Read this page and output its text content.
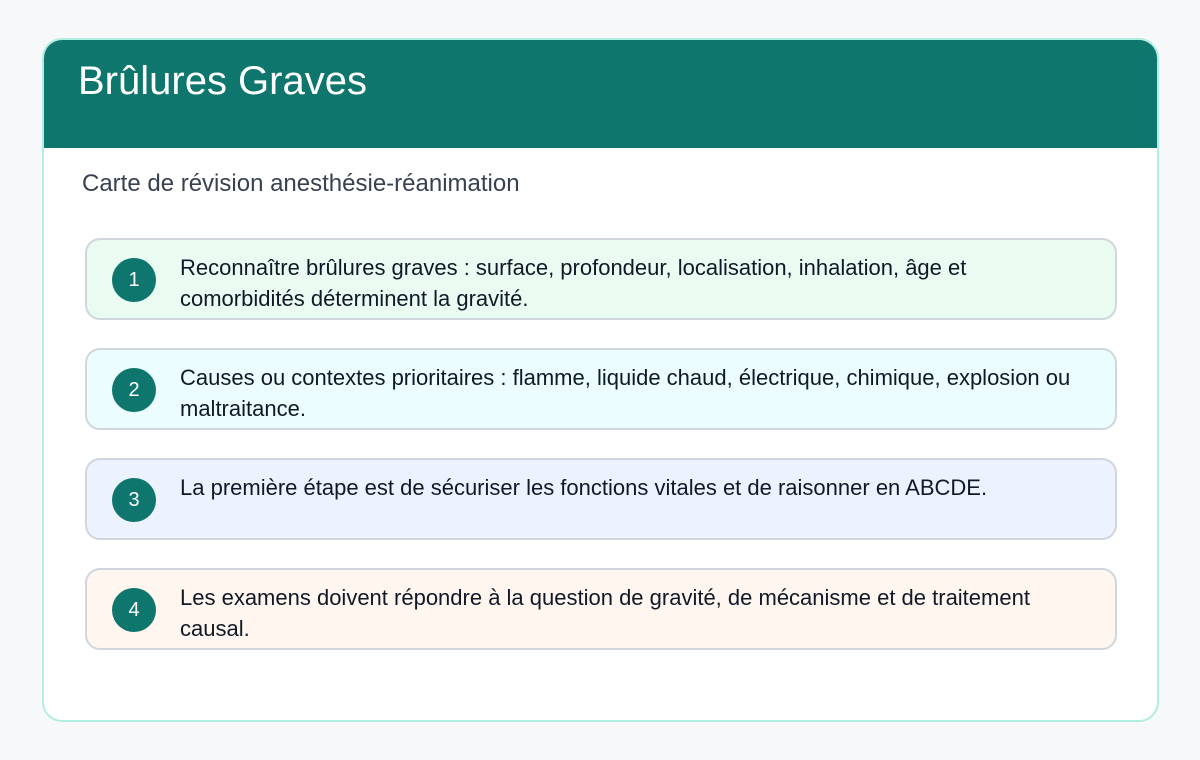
Brûlures Graves
Carte de révision anesthésie-réanimation
1	Reconnaître brûlures graves : surface, profondeur, localisation, inhalation, âge et comorbidités déterminent la gravité.
2	Causes ou contextes prioritaires : flamme, liquide chaud, électrique, chimique, explosion ou maltraitance.
3	La première étape est de sécuriser les fonctions vitales et de raisonner en ABCDE.
4	Les examens doivent répondre à la question de gravité, de mécanisme et de traitement causal.
